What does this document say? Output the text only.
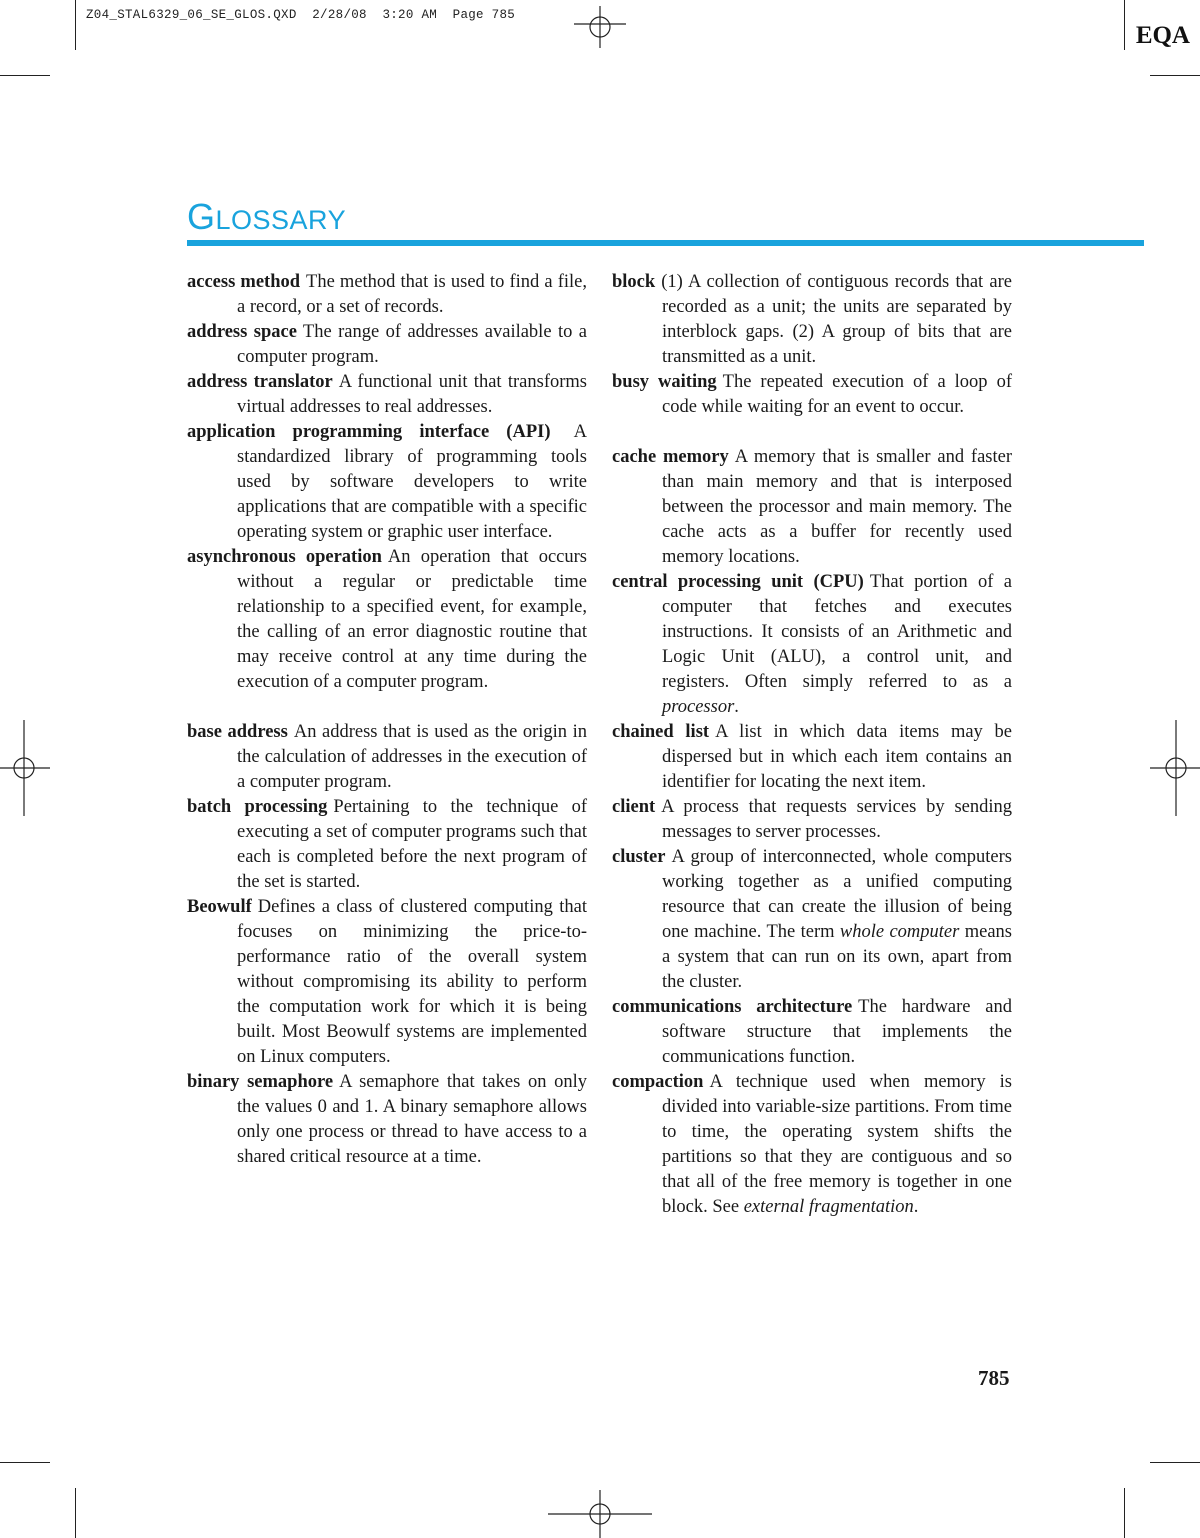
Z04_STAL6329_06_SE_GLOS.QXD  2/28/08  3:20 AM  Page 785
EQA
GLOSSARY

access method The method that is used to find a file, a record, or a set of records.

address space The range of addresses available to a computer program.

address translator A functional unit that transforms virtual addresses to real addresses.

application programming interface (API) A standardized library of programming tools used by software developers to write applications that are compatible with a specific operating system or graphic user interface.

asynchronous operation An operation that occurs without a regular or predictable time relationship to a specified event, for example, the calling of an error diagnostic routine that may receive control at any time during the execution of a computer program.

base address An address that is used as the origin in the calculation of addresses in the execution of a computer program.

batch processing Pertaining to the technique of executing a set of computer programs such that each is completed before the next program of the set is started.

Beowulf Defines a class of clustered computing that focuses on minimizing the price-to-performance ratio of the overall system without compromising its ability to perform the computation work for which it is being built. Most Beowulf systems are implemented on Linux computers.

binary semaphore A semaphore that takes on only the values 0 and 1. A binary semaphore allows only one process or thread to have access to a shared critical resource at a time.

block (1) A collection of contiguous records that are recorded as a unit; the units are separated by interblock gaps. (2) A group of bits that are transmitted as a unit.

busy waiting The repeated execution of a loop of code while waiting for an event to occur.

cache memory A memory that is smaller and faster than main memory and that is interposed between the processor and main memory. The cache acts as a buffer for recently used memory locations.

central processing unit (CPU) That portion of a computer that fetches and executes instructions. It consists of an Arithmetic and Logic Unit (ALU), a control unit, and registers. Often simply referred to as a processor.

chained list A list in which data items may be dispersed but in which each item contains an identifier for locating the next item.

client A process that requests services by sending messages to server processes.

cluster A group of interconnected, whole computers working together as a unified computing resource that can create the illusion of being one machine. The term whole computer means a system that can run on its own, apart from the cluster.

communications architecture The hardware and software structure that implements the communications function.

compaction A technique used when memory is divided into variable-size partitions. From time to time, the operating system shifts the partitions so that they are contiguous and so that all of the free memory is together in one block. See external fragmentation.

785
